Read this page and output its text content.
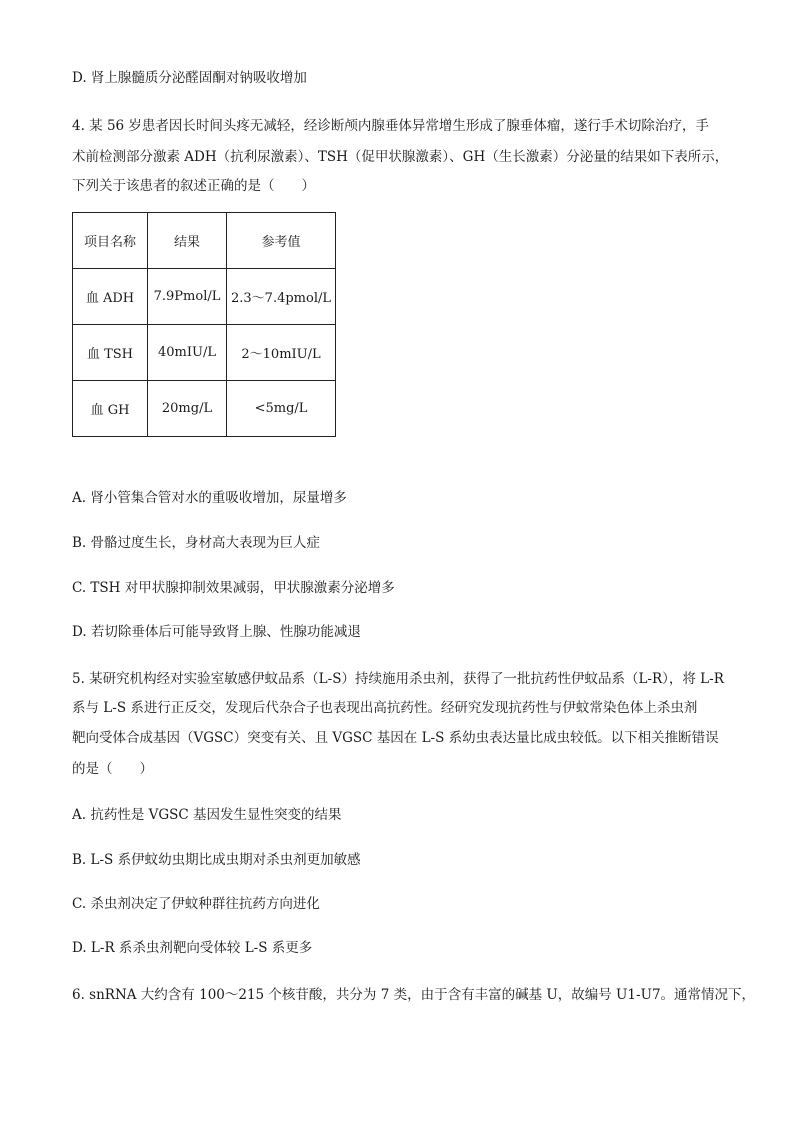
D. 肾上腺髓质分泌醛固酮对钠吸收增加
4. 某 56 岁患者因长时间头疼无减轻，经诊断颅内腺垂体异常增生形成了腺垂体瘤，遂行手术切除治疗，手
术前检测部分激素 ADH（抗利尿激素）、TSH（促甲状腺激素）、GH（生长激素）分泌量的结果如下表所示，
下列关于该患者的叙述正确的是（　　）
项目名称	结果	参考值
血 ADH	7.9Pmol/L	2.3～7.4pmol/L
血 TSH	40mIU/L	2～10mIU/L
血 GH	20mg/L	<5mg/L
A. 肾小管集合管对水的重吸收增加，尿量增多
B. 骨骼过度生长，身材高大表现为巨人症
C. TSH 对甲状腺抑制效果减弱，甲状腺激素分泌增多
D. 若切除垂体后可能导致肾上腺、性腺功能减退
5. 某研究机构经对实验室敏感伊蚊品系（L-S）持续施用杀虫剂，获得了一批抗药性伊蚊品系（L-R），将 L-R
系与 L-S 系进行正反交，发现后代杂合子也表现出高抗药性。经研究发现抗药性与伊蚊常染色体上杀虫剂
靶向受体合成基因（VGSC）突变有关、且 VGSC 基因在 L-S 系幼虫表达量比成虫较低。以下相关推断错误
的是（　　）
A. 抗药性是 VGSC 基因发生显性突变的结果
B. L-S 系伊蚊幼虫期比成虫期对杀虫剂更加敏感
C. 杀虫剂决定了伊蚊种群往抗药方向进化
D. L-R 系杀虫剂靶向受体较 L-S 系更多
6. snRNA 大约含有 100～215 个核苷酸，共分为 7 类，由于含有丰富的碱基 U，故编号 U1-U7。通常情况下，
